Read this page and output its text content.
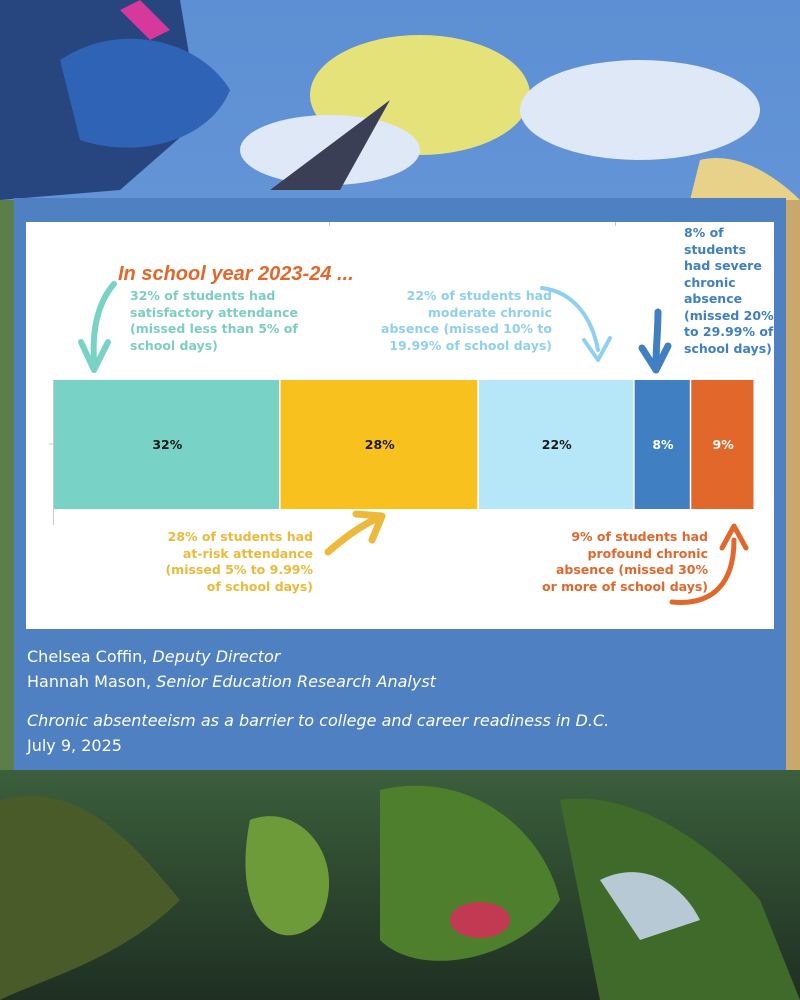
In school year 2023-24 ...
32%	28%	22%	8%	9%

32% of students had
satisfactory attendance
(missed less than 5% of
school days)

22% of students had
moderate chronic
absence (missed 10% to
19.99% of school days)

8% of students
had severe
chronic
absence
(missed 20%
to 29.99% of
school days)

28% of students had
at-risk attendance
(missed 5% to 9.99%
of school days)

9% of students had
profound chronic
absence (missed 30%
or more of school days)

Chelsea Coffin, Deputy Director

Hannah Mason, Senior Education Research Analyst

Chronic absenteeism as a barrier to college and career readiness in D.C.

July 9, 2025
